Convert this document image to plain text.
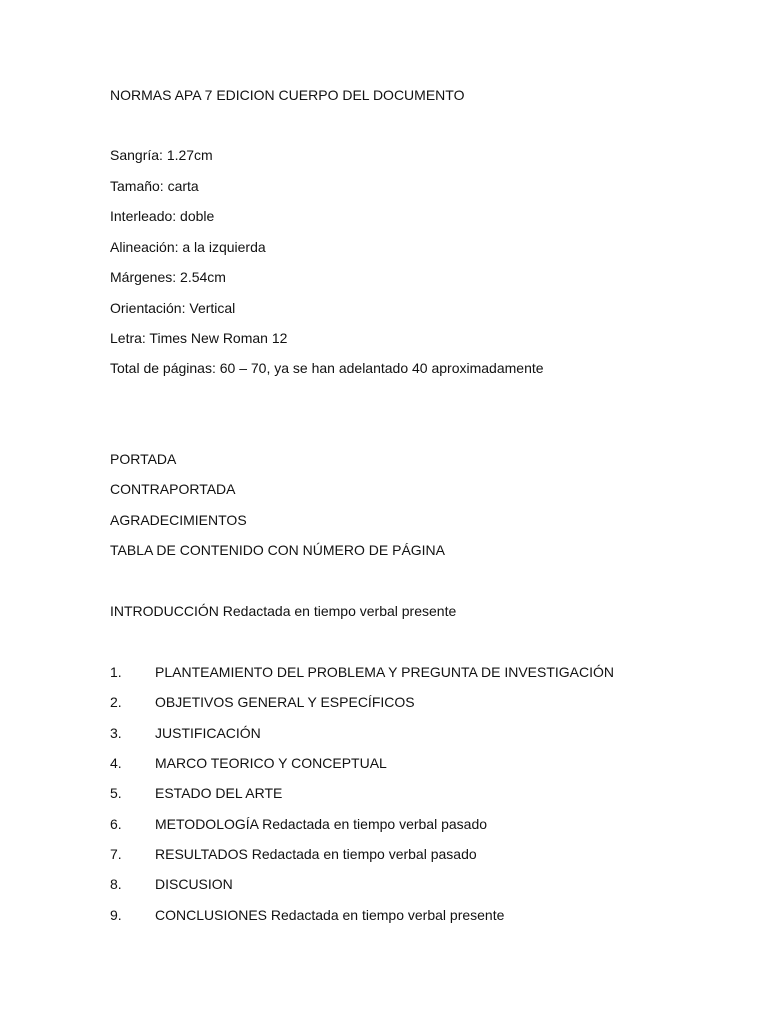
NORMAS APA 7 EDICION CUERPO DEL DOCUMENTO
Sangría: 1.27cm
Tamaño: carta
Interleado: doble
Alineación: a la izquierda
Márgenes: 2.54cm
Orientación: Vertical
Letra: Times New Roman 12
Total de páginas: 60 – 70, ya se han adelantado 40 aproximadamente
PORTADA
CONTRAPORTADA
AGRADECIMIENTOS
TABLA DE CONTENIDO CON NÚMERO DE PÁGINA
INTRODUCCIÓN Redactada en tiempo verbal presente
1. PLANTEAMIENTO DEL PROBLEMA Y PREGUNTA DE INVESTIGACIÓN
2. OBJETIVOS GENERAL Y ESPECÍFICOS
3. JUSTIFICACIÓN
4. MARCO TEORICO Y CONCEPTUAL
5. ESTADO DEL ARTE
6. METODOLOGÍA Redactada en tiempo verbal pasado
7. RESULTADOS Redactada en tiempo verbal pasado
8. DISCUSION
9. CONCLUSIONES Redactada en tiempo verbal presente
